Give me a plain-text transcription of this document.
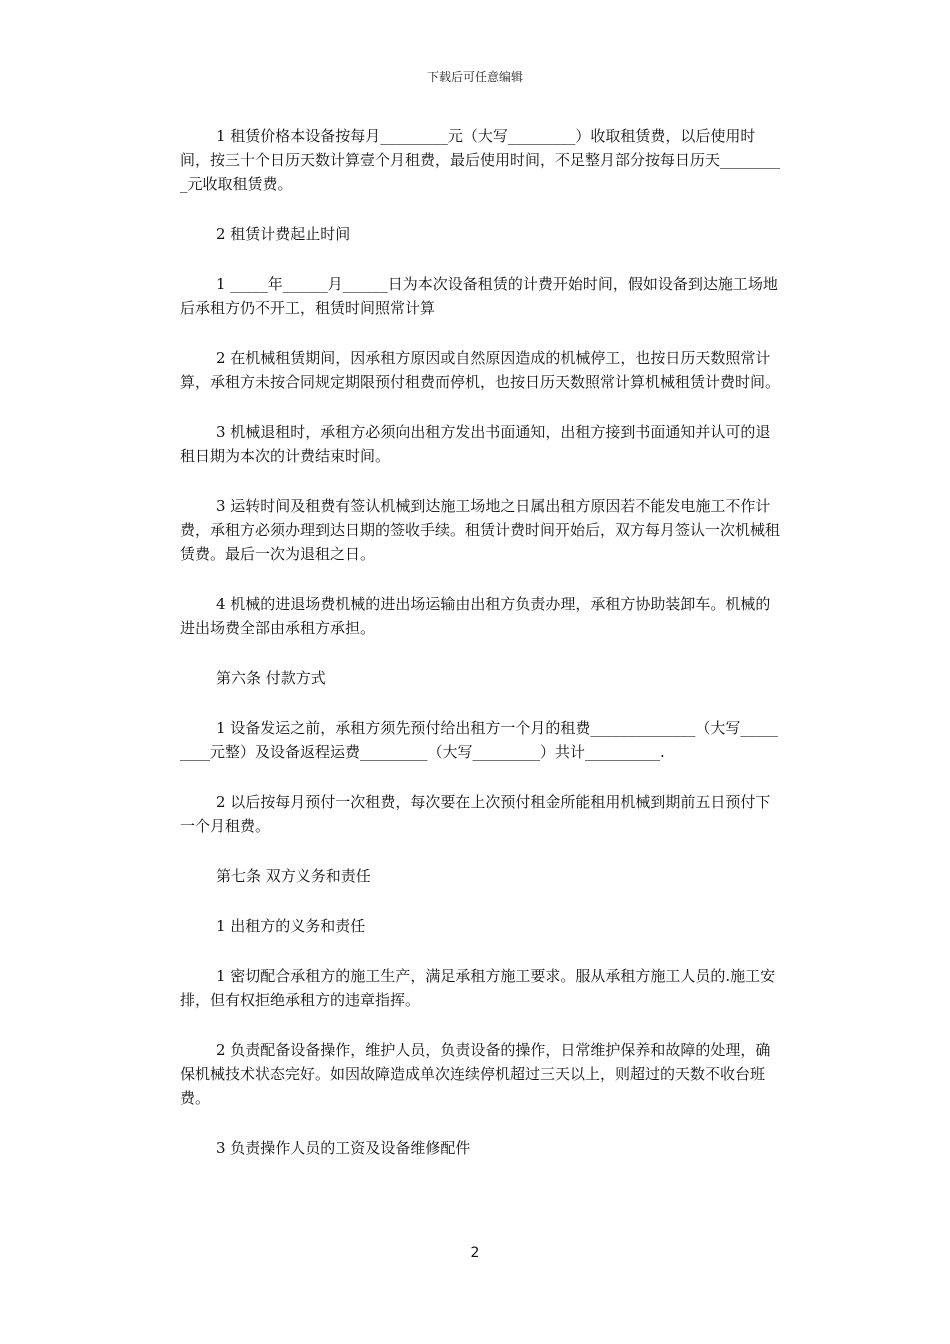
下载后可任意编辑

1 租赁价格本设备按每月_________元（大写_________）收取租赁费，以后使用时间，按三十个日历天数计算壹个月租费，最后使用时间，不足整月部分按每日历天_________元收取租赁费。

2 租赁计费起止时间

1 _____年______月______日为本次设备租赁的计费开始时间，假如设备到达施工场地后承租方仍不开工，租赁时间照常计算

2 在机械租赁期间，因承租方原因或自然原因造成的机械停工，也按日历天数照常计算，承租方未按合同规定期限预付租费而停机，也按日历天数照常计算机械租赁计费时间。

3 机械退租时，承租方必须向出租方发出书面通知，出租方接到书面通知并认可的退租日期为本次的计费结束时间。

3 运转时间及租费有签认机械到达施工场地之日属出租方原因若不能发电施工不作计费，承租方必须办理到达日期的签收手续。租赁计费时间开始后，双方每月签认一次机械租赁费。最后一次为退租之日。

4 机械的进退场费机械的进出场运输由出租方负责办理，承租方协助装卸车。机械的进出场费全部由承租方承担。

第六条 付款方式

1 设备发运之前，承租方须先预付给出租方一个月的租费______________（大写_________元整）及设备返程运费_________（大写_________）共计__________.

2 以后按每月预付一次租费，每次要在上次预付租金所能租用机械到期前五日预付下一个月租费。

第七条 双方义务和责任

1 出租方的义务和责任

1 密切配合承租方的施工生产，满足承租方施工要求。服从承租方施工人员的.施工安排，但有权拒绝承租方的违章指挥。

2 负责配备设备操作，维护人员，负责设备的操作，日常维护保养和故障的处理，确保机械技术状态完好。如因故障造成单次连续停机超过三天以上，则超过的天数不收台班费。

3 负责操作人员的工资及设备维修配件

2
